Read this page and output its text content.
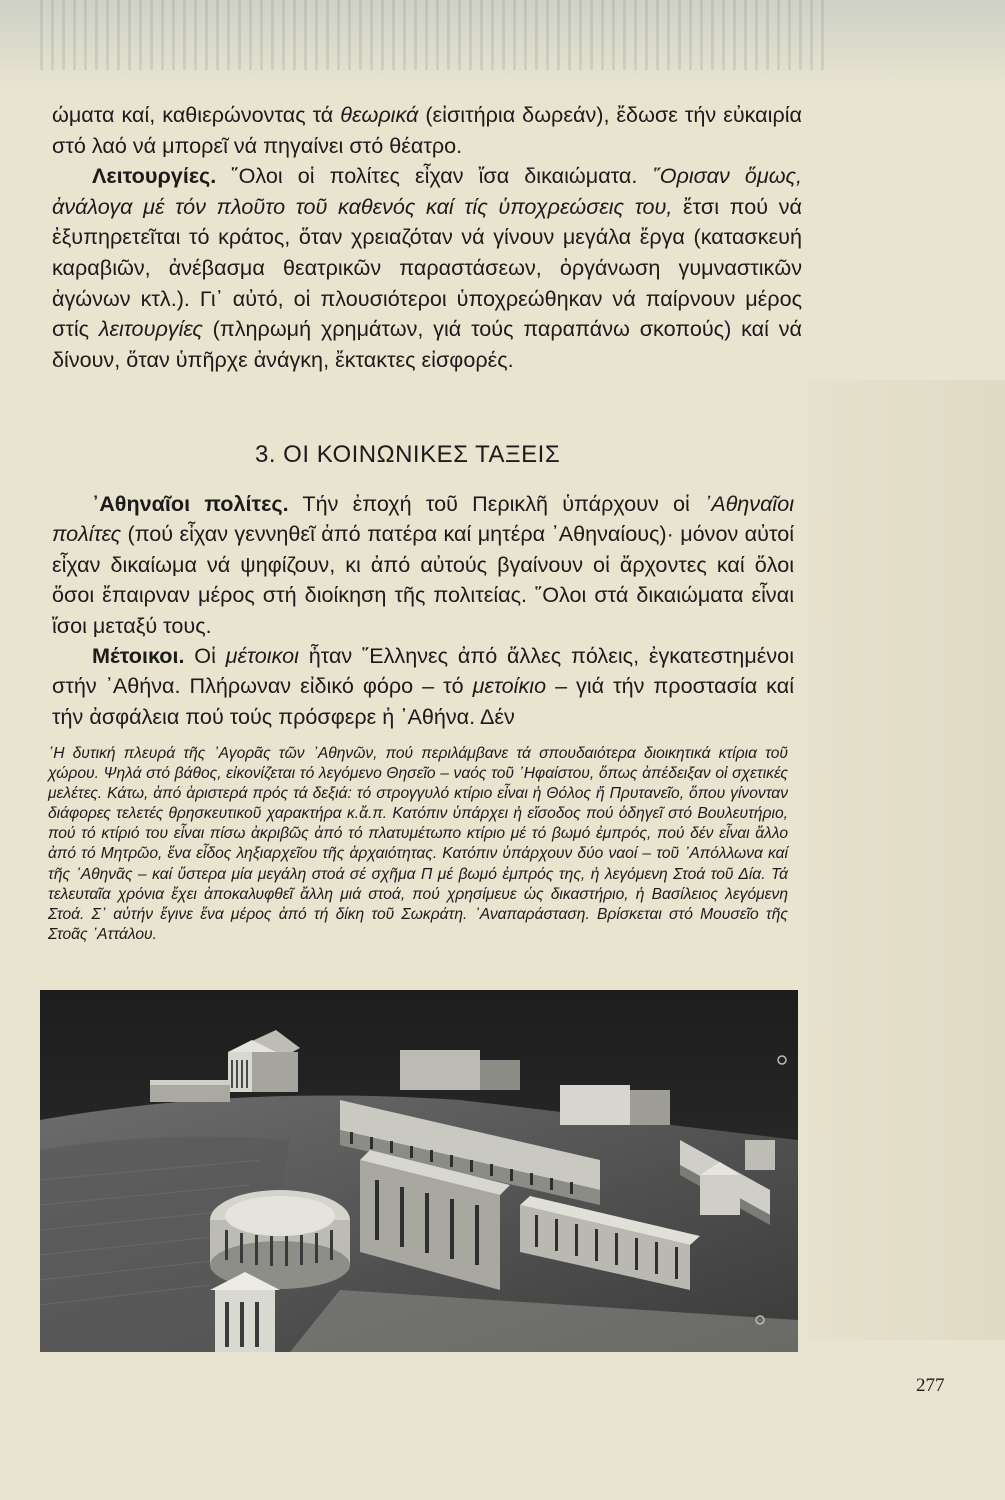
ώματα καί, καθιερώνοντας τά θεωρικά (εἰσιτήρια δωρεάν), ἔδωσε τήν εὐκαιρία στό λαό νά μπορεῖ νά πηγαίνει στό θέατρο.

Λειτουργίες. ῞Ολοι οἱ πολίτες εἶχαν ἴσα δικαιώματα. ῞Ορισαν ὅμως, ἀνάλογα μέ τόν πλοῦτο τοῦ καθενός καί τίς ὑποχρεώσεις του, ἔτσι πού νά ἐξυπηρετεῖται τό κράτος, ὅταν χρειαζόταν νά γίνουν μεγάλα ἔργα (κατασκευή καραβιῶν, ἀνέβασμα θεατρικῶν παραστάσεων, ὀργάνωση γυμναστικῶν ἀγώνων κτλ.). Γι᾿ αὐτό, οἱ πλουσιότεροι ὑποχρεώθηκαν νά παίρνουν μέρος στίς λειτουργίες (πληρωμή χρημάτων, γιά τούς παραπάνω σκοπούς) καί νά δίνουν, ὅταν ὑπῆρχε ἀνάγκη, ἔκτακτες εἰσφορές.

3. ΟΙ ΚΟΙΝΩΝΙΚΕΣ ΤΑΞΕΙΣ

᾿Αθηναῖοι πολίτες. Τήν ἐποχή τοῦ Περικλῆ ὑπάρχουν οἱ ᾿Αθηναῖοι πολίτες (πού εἶχαν γεννηθεῖ ἀπό πατέρα καί μητέρα ᾿Αθηναίους)· μόνον αὐτοί εἶχαν δικαίωμα νά ψηφίζουν, κι ἀπό αὐτούς βγαίνουν οἱ ἄρχοντες καί ὅλοι ὅσοι ἔπαιρναν μέρος στή διοίκηση τῆς πολιτείας. ῞Ολοι στά δικαιώματα εἶναι ἴσοι μεταξύ τους.

Μέτοικοι. Οἱ μέτοικοι ἦταν ῞Ελληνες ἀπό ἄλλες πόλεις, ἐγκατεστημένοι στήν ᾿Αθήνα. Πλήρωναν εἰδικό φόρο – τό μετοίκιο – γιά τήν προστασία καί τήν ἀσφάλεια πού τούς πρόσφερε ἡ ᾿Αθήνα. Δέν

῾Η δυτική πλευρά τῆς ᾿Αγορᾶς τῶν ᾿Αθηνῶν, πού περιλάμβανε τά σπουδαιότερα διοικητικά κτίρια τοῦ χώρου. Ψηλά στό βάθος, εἰκονίζεται τό λεγόμενο Θησεῖο – ναός τοῦ ῾Ηφαίστου, ὅπως ἀπέδειξαν οἱ σχετικές μελέτες. Κάτω, ἀπό ἀριστερά πρός τά δεξιά: τό στρογγυλό κτίριο εἶναι ἡ Θόλος ἤ Πρυτανεῖο, ὅπου γίνονταν διάφορες τελετές θρησκευτικοῦ χαρακτήρα κ.ἄ.π. Κατόπιν ὑπάρχει ἡ εἴσοδος πού ὁδηγεῖ στό Βουλευτήριο, πού τό κτίριό του εἶναι πίσω ἀκριβῶς ἀπό τό πλατυμέτωπο κτίριο μέ τό βωμό ἐμπρός, πού δέν εἶναι ἄλλο ἀπό τό Μητρῶο, ἕνα εἶδος ληξιαρχεῖου τῆς ἀρχαιότητας. Κατόπιν ὑπάρχουν δύο ναοί – τοῦ ᾿Απόλλωνα καί τῆς ᾿Αθηνᾶς – καί ὕστερα μία μεγάλη στοά σέ σχῆμα Π μέ βωμό ἐμπρός της, ἡ λεγόμενη Στοά τοῦ Δία. Τά τελευταῖα χρόνια ἔχει ἀποκαλυφθεῖ ἄλλη μιά στοά, πού χρησίμευε ὡς δικαστήριο, ἡ Βασίλειος λεγόμενη Στοά. Σ᾿ αὐτήν ἔγινε ἕνα μέρος ἀπό τή δίκη τοῦ Σωκράτη. ᾿Αναπαράσταση. Βρίσκεται στό Μουσεῖο τῆς Στοᾶς ᾿Αττάλου.

277
